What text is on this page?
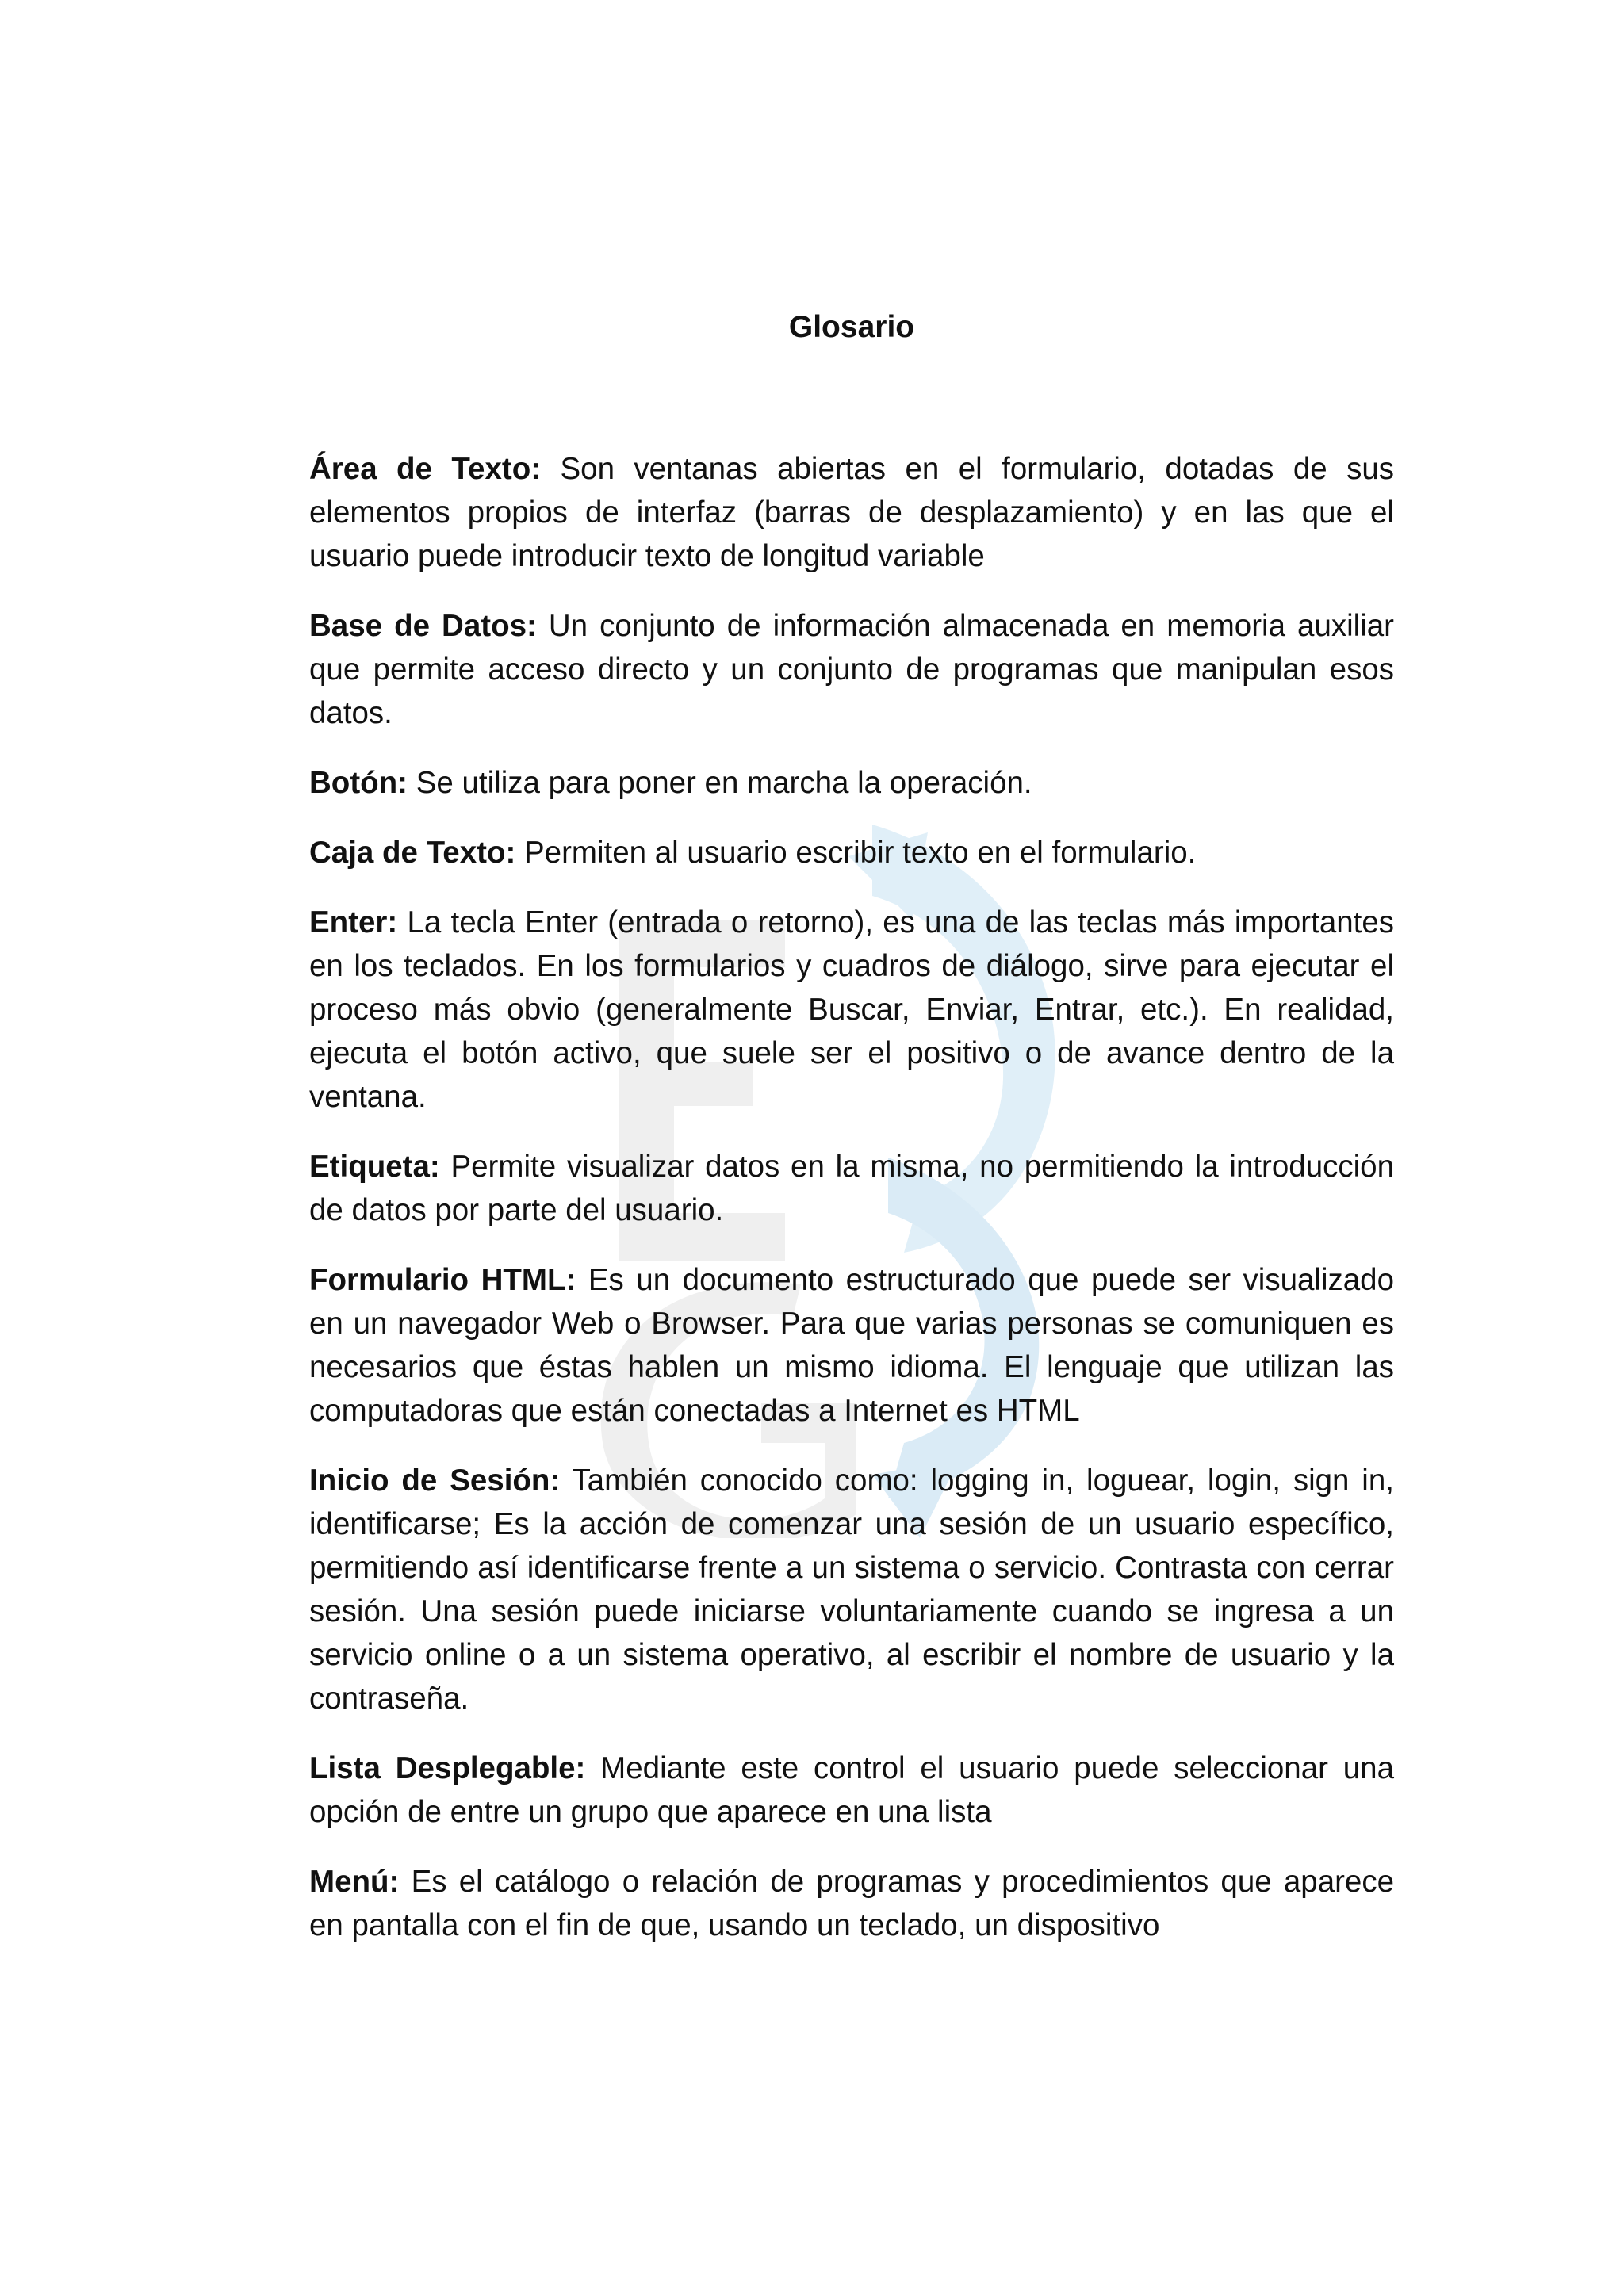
Glosario
Área de Texto: Son ventanas abiertas en el formulario, dotadas de sus elementos propios de interfaz (barras de desplazamiento) y en las que el usuario puede introducir texto de longitud variable
Base de Datos: Un conjunto de información almacenada en memoria auxiliar que permite acceso directo y un conjunto de programas que manipulan esos datos.
Botón: Se utiliza para poner en marcha la operación.
Caja de Texto: Permiten al usuario escribir texto en el formulario.
Enter: La tecla Enter (entrada o retorno), es una de las teclas más importantes en los teclados. En los formularios y cuadros de diálogo, sirve para ejecutar el proceso más obvio (generalmente Buscar, Enviar, Entrar, etc.). En realidad, ejecuta el botón activo, que suele ser el positivo o de avance dentro de la ventana.
Etiqueta: Permite visualizar datos en la misma, no permitiendo la introducción de datos por parte del usuario.
Formulario HTML: Es un documento estructurado que puede ser visualizado en un navegador Web o Browser. Para que varias personas se comuniquen es necesarios que éstas hablen un mismo idioma. El lenguaje que utilizan las computadoras que están conectadas a Internet es HTML
Inicio de Sesión: También conocido como: logging in, loguear, login, sign in, identificarse; Es la acción de comenzar una sesión de un usuario específico, permitiendo así identificarse frente a un sistema o servicio. Contrasta con cerrar sesión. Una sesión puede iniciarse voluntariamente cuando se ingresa a un servicio online o a un sistema operativo, al escribir el nombre de usuario y la contraseña.
Lista Desplegable: Mediante este control el usuario puede seleccionar una opción de entre un grupo que aparece en una lista
Menú: Es el catálogo o relación de programas y procedimientos que aparece en pantalla con el fin de que, usando un teclado, un dispositivo
